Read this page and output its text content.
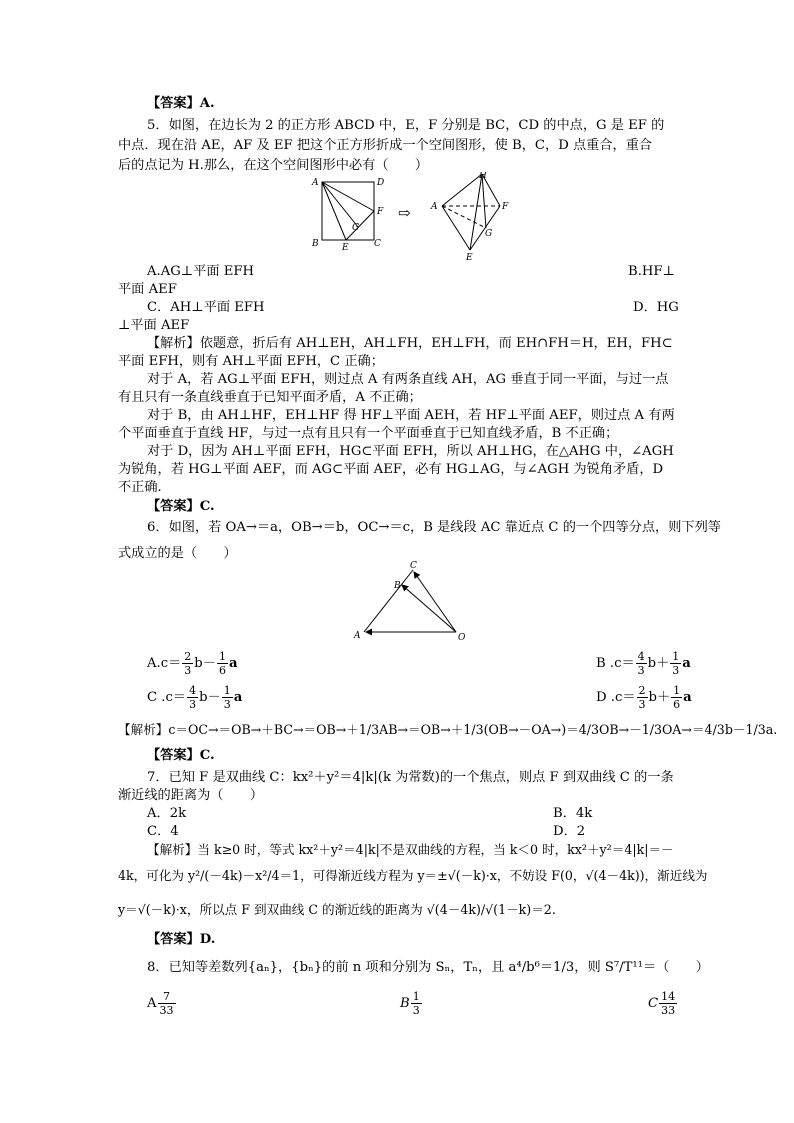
【答案】A.
5．如图，在边长为 2 的正方形 ABCD 中，E，F 分别是 BC，CD 的中点，G 是 EF 的
中点．现在沿 AE，AF 及 EF 把这个正方形折成一个空间图形，使 B，C，D 点重合，重合
后的点记为 H.那么，在这个空间图形中必有（　　）
A	D
F
G
B	E	C
⇨
H
A	F
G
E
A.AG⊥平面 EFH	B.HF⊥
平面 AEF
C．AH⊥平面 EFH	D．HG
⊥平面 AEF
【解析】依题意，折后有 AH⊥EH，AH⊥FH，EH⊥FH，而 EH∩FH＝H，EH，FH⊂
平面 EFH，则有 AH⊥平面 EFH，C 正确；
对于 A，若 AG⊥平面 EFH，则过点 A 有两条直线 AH，AG 垂直于同一平面，与过一点
有且只有一条直线垂直于已知平面矛盾，A 不正确；
对于 B，由 AH⊥HF，EH⊥HF 得 HF⊥平面 AEH，若 HF⊥平面 AEF，则过点 A 有两
个平面垂直于直线 HF，与过一点有且只有一个平面垂直于已知直线矛盾，B 不正确；
对于 D，因为 AH⊥平面 EFH，HG⊂平面 EFH，所以 AH⊥HG，在△AHG 中，∠AGH
为锐角，若 HG⊥平面 AEF，而 AG⊂平面 AEF，必有 HG⊥AG，与∠AGH 为锐角矛盾，D
不正确.
【答案】C.
6．如图，若 OA→＝a，OB→＝b，OC→＝c，B 是线段 AC 靠近点 C 的一个四等分点，则下列等
式成立的是（　　）
C
B
A	O
$A.c= \frac{2}{3} b- \frac{1}{6}$ a	B $.c= \frac{4}{3} b+ \frac{1}{3}$ a
C $.c= \frac{4}{3} b- \frac{1}{3}$ a	D $.c= \frac{2}{3} b+ \frac{1}{6}$ a
【解析】c＝OC→＝OB→＋BC→＝OB→＋1/3AB→＝OB→＋1/3(OB→－OA→)＝4/3OB→－1/3OA→＝4/3b－1/3a.
【答案】C.
7．已知 F 是双曲线 C：kx²＋y²＝4|k|(k 为常数)的一个焦点，则点 F 到双曲线 C 的一条
渐近线的距离为（　　）
A．2k	B．4k
C．4	D．2
【解析】当 k≥0 时，等式 kx²＋y²＝4|k|不是双曲线的方程，当 k＜0 时，kx²＋y²＝4|k|＝－
4k，可化为 y²/(－4k)－x²/4＝1，可得渐近线方程为 y＝±√(－k)·x，不妨设 F(0，√(4－4k))，渐近线为
y＝√(－k)·x，所以点 F 到双曲线 C 的渐近线的距离为 √(4－4k)/√(1－k)＝2.
【答案】D.
8．已知等差数列{aₙ}，{bₙ}的前 n 项和分别为 Sₙ，Tₙ，且 a⁴/b⁶＝1/3，则 S⁷/T¹¹＝（　　）
A $\frac{7}{33}$	B $\frac{1}{3}$	C $\frac{14}{33}$
